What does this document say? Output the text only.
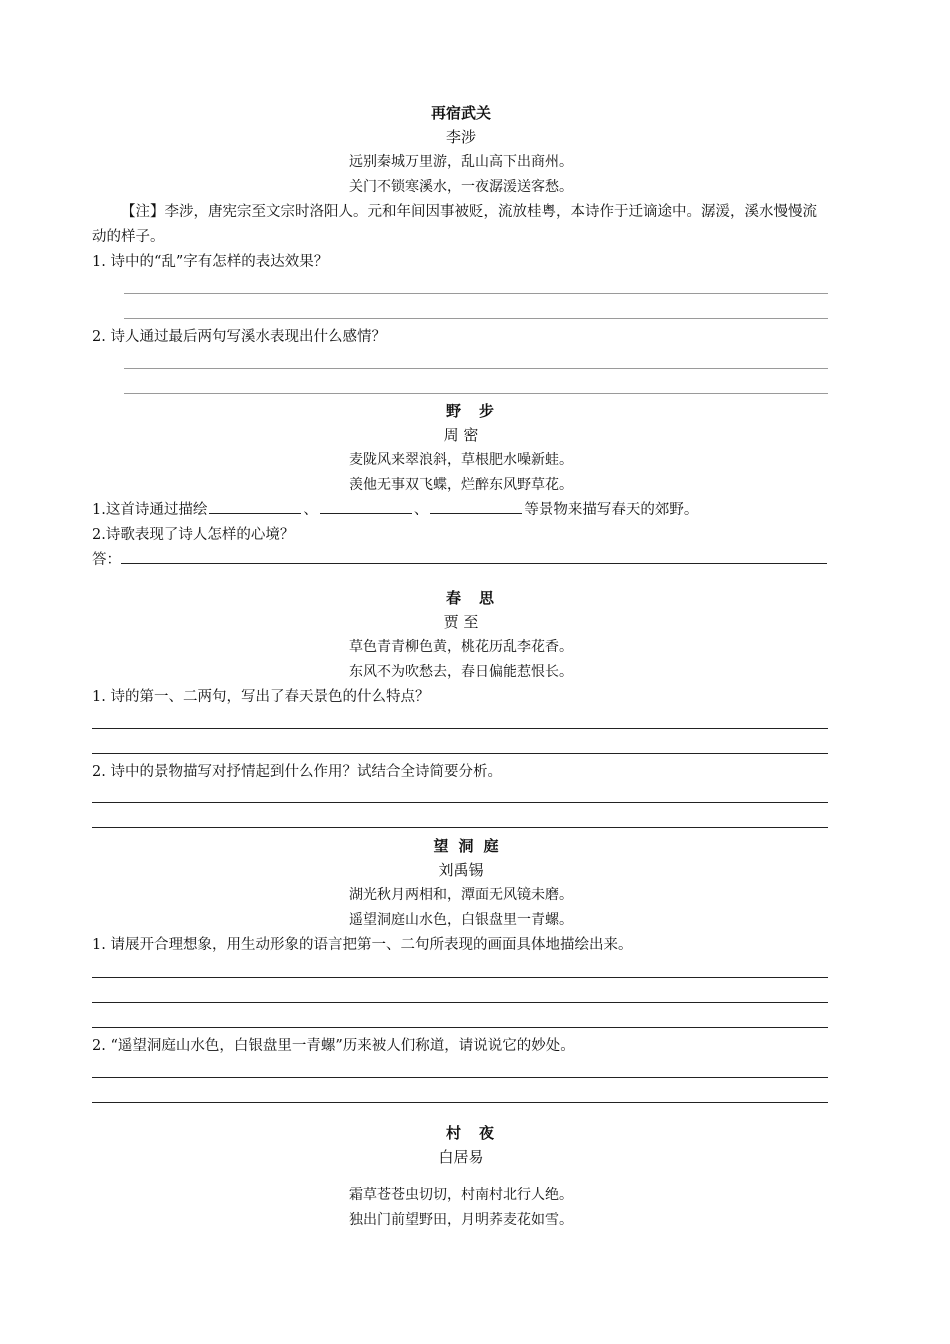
再宿武关
李涉
远别秦城万里游，乱山高下出商州。
关门不锁寒溪水，一夜潺湲送客愁。
【注】李涉，唐宪宗至文宗时洛阳人。元和年间因事被贬，流放桂粤，本诗作于迁谪途中。潺湲，溪水慢慢流动的样子。
1. 诗中的“乱”字有怎样的表达效果？
2. 诗人通过最后两句写溪水表现出什么感情？
野步
周 密
麦陇风来翠浪斜，草根肥水噪新蛙。
羡他无事双飞蝶，烂醉东风野草花。
1.这首诗通过描绘	、	、	等景物来描写春天的郊野。
2.诗歌表现了诗人怎样的心境？
答：
春思
贾 至
草色青青柳色黄，桃花历乱李花香。
东风不为吹愁去，春日偏能惹恨长。
1. 诗的第一、二两句，写出了春天景色的什么特点？
2. 诗中的景物描写对抒情起到什么作用？试结合全诗简要分析。
望洞庭
刘禹锡
湖光秋月两相和，潭面无风镜未磨。
遥望洞庭山水色，白银盘里一青螺。
1. 请展开合理想象，用生动形象的语言把第一、二句所表现的画面具体地描绘出来。
2. “遥望洞庭山水色，白银盘里一青螺”历来被人们称道，请说说它的妙处。
村夜
白居易
霜草苍苍虫切切，村南村北行人绝。
独出门前望野田，月明荞麦花如雪。
